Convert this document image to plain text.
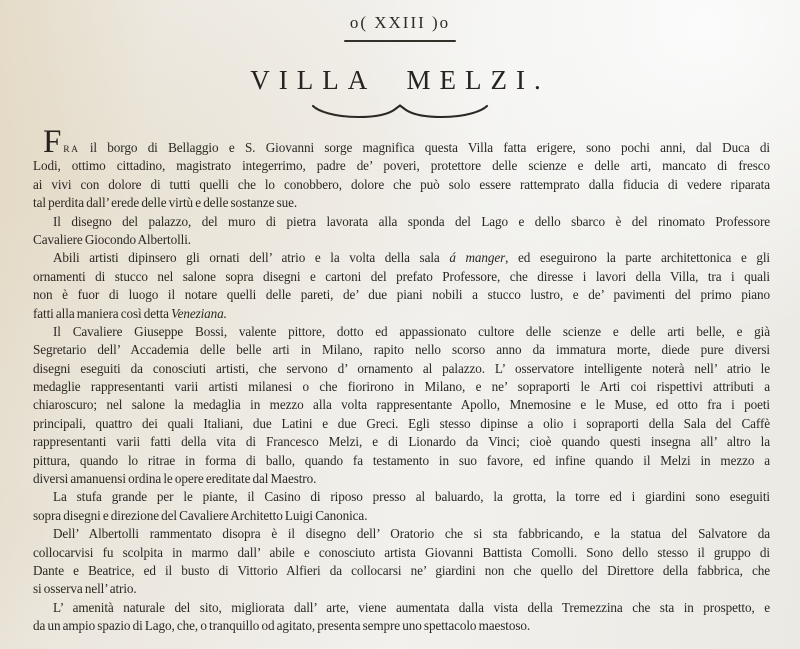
o( XXIII )o
VILLA MELZI.
FRA il borgo di Bellaggio e S. Giovanni sorge magnifica questa Villa fatta erigere, sono pochi anni, dal Duca di
Lodi, ottimo cittadino, magistrato integerrimo, padre de’ poveri, protettore delle scienze e delle arti, mancato di fresco
ai vivi con dolore di tutti quelli che lo conobbero, dolore che può solo essere rattemprato dalla fiducia di vedere riparata
tal perdita dall’ erede delle virtù e delle sostanze sue.
Il disegno del palazzo, del muro di pietra lavorata alla sponda del Lago e dello sbarco è del rinomato Professore
Cavaliere Giocondo Albertolli.
Abili artisti dipinsero gli ornati dell’ atrio e la volta della sala á manger, ed eseguirono la parte architettonica e gli
ornamenti di stucco nel salone sopra disegni e cartoni del prefato Professore, che diresse i lavori della Villa, tra i quali
non è fuor di luogo il notare quelli delle pareti, de’ due piani nobili a stucco lustro, e de’ pavimenti del primo piano
fatti alla maniera così detta Veneziana.
Il Cavaliere Giuseppe Bossi, valente pittore, dotto ed appassionato cultore delle scienze e delle arti belle, e già
Segretario dell’ Accademia delle belle arti in Milano, rapito nello scorso anno da immatura morte, diede pure diversi
disegni eseguiti da conosciuti artisti, che servono d’ ornamento al palazzo. L’ osservatore intelligente noterà nell’ atrio le
medaglie rappresentanti varii artisti milanesi o che fiorirono in Milano, e ne’ sopraporti le Arti coi rispettivi attributi a
chiaroscuro; nel salone la medaglia in mezzo alla volta rappresentante Apollo, Mnemosine e le Muse, ed otto fra i poeti
principali, quattro dei quali Italiani, due Latini e due Greci. Egli stesso dipinse a olio i sopraporti della Sala del Caffè
rappresentanti varii fatti della vita di Francesco Melzi, e di Lionardo da Vinci; cioè quando questi insegna all’ altro la
pittura, quando lo ritrae in forma di ballo, quando fa testamento in suo favore, ed infine quando il Melzi in mezzo a
diversi amanuensi ordina le opere ereditate dal Maestro.
La stufa grande per le piante, il Casino di riposo presso al baluardo, la grotta, la torre ed i giardini sono eseguiti
sopra disegni e direzione del Cavaliere Architetto Luigi Canonica.
Dell’ Albertolli rammentato disopra è il disegno dell’ Oratorio che si sta fabbricando, e la statua del Salvatore da
collocarvisi fu scolpita in marmo dall’ abile e conosciuto artista Giovanni Battista Comolli. Sono dello stesso il gruppo di
Dante e Beatrice, ed il busto di Vittorio Alfieri da collocarsi ne’ giardini non che quello del Direttore della fabbrica, che
si osserva nell’ atrio.
L’ amenità naturale del sito, migliorata dall’ arte, viene aumentata dalla vista della Tremezzina che sta in prospetto, e
da un ampio spazio di Lago, che, o tranquillo od agitato, presenta sempre uno spettacolo maestoso.
